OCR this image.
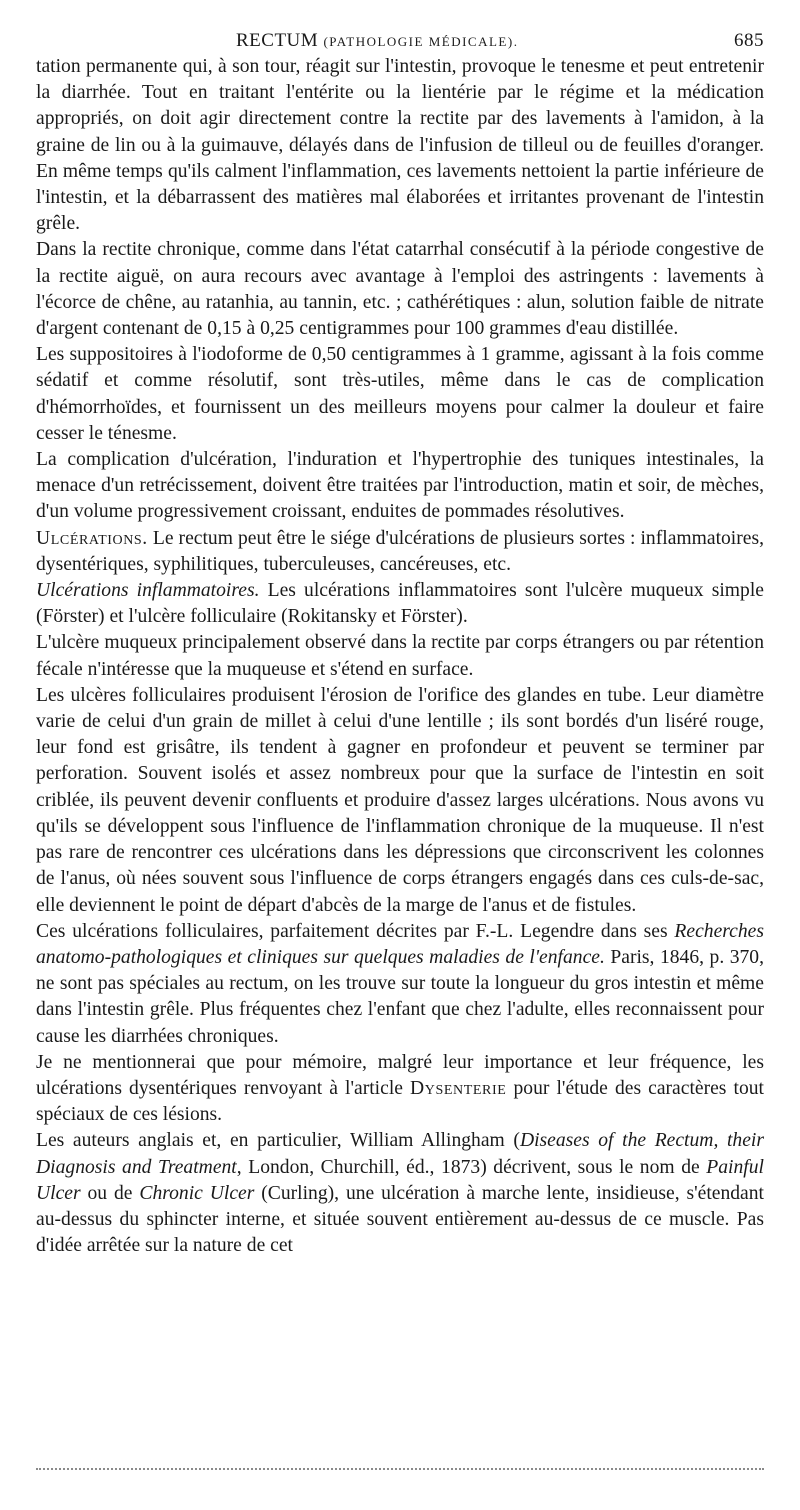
RECTUM (PATHOLOGIE MÉDICALE).	685

tation permanente qui, à son tour, réagit sur l'intestin, provoque le tenesme et peut entretenir la diarrhée. Tout en traitant l'entérite ou la lientérie par le régime et la médication appropriés, on doit agir directement contre la rectite par des lavements à l'amidon, à la graine de lin ou à la guimauve, délayés dans de l'infusion de tilleul ou de feuilles d'oranger. En même temps qu'ils calment l'inflammation, ces lavements nettoient la partie inférieure de l'intestin, et la débarrassent des matières mal élaborées et irritantes provenant de l'intestin grêle.

Dans la rectite chronique, comme dans l'état catarrhal consécutif à la période congestive de la rectite aiguë, on aura recours avec avantage à l'emploi des astringents : lavements à l'écorce de chêne, au ratanhia, au tannin, etc. ; cathérétiques : alun, solution faible de nitrate d'argent contenant de 0,15 à 0,25 centigrammes pour 100 grammes d'eau distillée.

Les suppositoires à l'iodoforme de 0,50 centigrammes à 1 gramme, agissant à la fois comme sédatif et comme résolutif, sont très-utiles, même dans le cas de complication d'hémorrhoïdes, et fournissent un des meilleurs moyens pour calmer la douleur et faire cesser le ténesme.

La complication d'ulcération, l'induration et l'hypertrophie des tuniques intestinales, la menace d'un retrécissement, doivent être traitées par l'introduction, matin et soir, de mèches, d'un volume progressivement croissant, enduites de pommades résolutives.

Ulcérations. Le rectum peut être le siége d'ulcérations de plusieurs sortes : inflammatoires, dysentériques, syphilitiques, tuberculeuses, cancéreuses, etc.

Ulcérations inflammatoires. Les ulcérations inflammatoires sont l'ulcère muqueux simple (Förster) et l'ulcère folliculaire (Rokitansky et Förster).

L'ulcère muqueux principalement observé dans la rectite par corps étrangers ou par rétention fécale n'intéresse que la muqueuse et s'étend en surface.

Les ulcères folliculaires produisent l'érosion de l'orifice des glandes en tube. Leur diamètre varie de celui d'un grain de millet à celui d'une lentille ; ils sont bordés d'un liséré rouge, leur fond est grisâtre, ils tendent à gagner en profondeur et peuvent se terminer par perforation. Souvent isolés et assez nombreux pour que la surface de l'intestin en soit criblée, ils peuvent devenir confluents et produire d'assez larges ulcérations. Nous avons vu qu'ils se développent sous l'influence de l'inflammation chronique de la muqueuse. Il n'est pas rare de rencontrer ces ulcérations dans les dépressions que circonscrivent les colonnes de l'anus, où nées souvent sous l'influence de corps étrangers engagés dans ces culs-de-sac, elle deviennent le point de départ d'abcès de la marge de l'anus et de fistules.

Ces ulcérations folliculaires, parfaitement décrites par F.-L. Legendre dans ses Recherches anatomo-pathologiques et cliniques sur quelques maladies de l'enfance. Paris, 1846, p. 370, ne sont pas spéciales au rectum, on les trouve sur toute la longueur du gros intestin et même dans l'intestin grêle. Plus fréquentes chez l'enfant que chez l'adulte, elles reconnaissent pour cause les diarrhées chroniques.

Je ne mentionnerai que pour mémoire, malgré leur importance et leur fréquence, les ulcérations dysentériques renvoyant à l'article Dysenterie pour l'étude des caractères tout spéciaux de ces lésions.

Les auteurs anglais et, en particulier, William Allingham (Diseases of the Rectum, their Diagnosis and Treatment, London, Churchill, éd., 1873) décrivent, sous le nom de Painful Ulcer ou de Chronic Ulcer (Curling), une ulcération à marche lente, insidieuse, s'étendant au-dessus du sphincter interne, et située souvent entièrement au-dessus de ce muscle. Pas d'idée arrêtée sur la nature de cet
